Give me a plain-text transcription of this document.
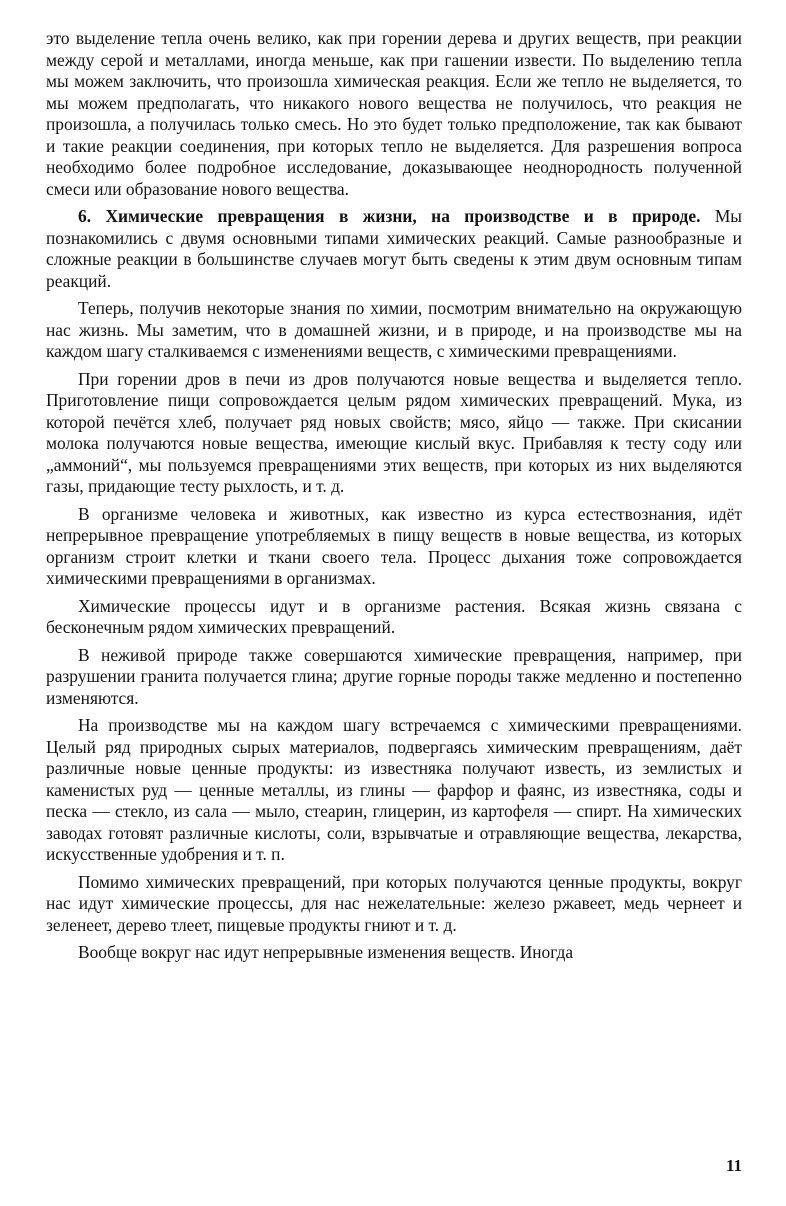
это выделение тепла очень велико, как при горении дерева и других веществ, при реакции между серой и металлами, иногда меньше, как при гашении извести. По выделению тепла мы можем заключить, что произошла химическая реакция. Если же тепло не выделяется, то мы можем предполагать, что никакого нового вещества не получилось, что реакция не произошла, а получилась только смесь. Но это будет только предположение, так как бывают и такие реакции соединения, при которых тепло не выделяется. Для разрешения вопроса необходимо более подробное исследование, доказывающее неоднородность полученной смеси или образование нового вещества.

6. Химические превращения в жизни, на производстве и в природе. Мы познакомились с двумя основными типами химических реакций. Самые разнообразные и сложные реакции в большинстве случаев могут быть сведены к этим двум основным типам реакций.

Теперь, получив некоторые знания по химии, посмотрим внимательно на окружающую нас жизнь. Мы заметим, что в домашней жизни, и в природе, и на производстве мы на каждом шагу сталкиваемся с изменениями веществ, с химическими превращениями.

При горении дров в печи из дров получаются новые вещества и выделяется тепло. Приготовление пищи сопровождается целым рядом химических превращений. Мука, из которой печётся хлеб, получает ряд новых свойств; мясо, яйцо — также. При скисании молока получаются новые вещества, имеющие кислый вкус. Прибавляя к тесту соду или „аммоний“, мы пользуемся превращениями этих веществ, при которых из них выделяются газы, придающие тесту рыхлость, и т. д.

В организме человека и животных, как известно из курса естествознания, идёт непрерывное превращение употребляемых в пищу веществ в новые вещества, из которых организм строит клетки и ткани своего тела. Процесс дыхания тоже сопровождается химическими превращениями в организмах.

Химические процессы идут и в организме растения. Всякая жизнь связана с бесконечным рядом химических превращений.

В неживой природе также совершаются химические превращения, например, при разрушении гранита получается глина; другие горные породы также медленно и постепенно изменяются.

На производстве мы на каждом шагу встречаемся с химическими превращениями. Целый ряд природных сырых материалов, подвергаясь химическим превращениям, даёт различные новые ценные продукты: из известняка получают известь, из землистых и каменистых руд — ценные металлы, из глины — фарфор и фаянс, из известняка, соды и песка — стекло, из сала — мыло, стеарин, глицерин, из картофеля — спирт. На химических заводах готовят различные кислоты, соли, взрывчатые и отравляющие вещества, лекарства, искусственные удобрения и т. п.

Помимо химических превращений, при которых получаются ценные продукты, вокруг нас идут химические процессы, для нас нежелательные: железо ржавеет, медь чернеет и зеленеет, дерево тлеет, пищевые продукты гниют и т. д.

Вообще вокруг нас идут непрерывные изменения веществ. Иногда

11
